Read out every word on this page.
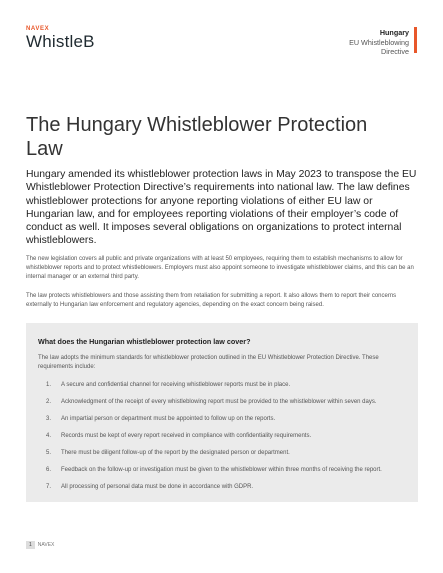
NAVEX
WhistleB	Hungary
EU Whistleblowing
Directive
The Hungary Whistleblower Protection Law

Hungary amended its whistleblower protection laws in May 2023 to transpose the EU Whistleblower Protection Directive’s requirements into national law. The law defines whistleblower protections for anyone reporting violations of either EU law or Hungarian law, and for employees reporting violations of their employer’s code of conduct as well. It imposes several obligations on organizations to protect internal whistleblowers.

The new legislation covers all public and private organizations with at least 50 employees, requiring them to establish mechanisms to allow for whistleblower reports and to protect whistleblowers. Employers must also appoint someone to investigate whistleblower claims, and this can be an internal manager or an external third party.

The law protects whistleblowers and those assisting them from retaliation for submitting a report. It also allows them to report their concerns externally to Hungarian law enforcement and regulatory agencies, depending on the exact concern being raised.

What does the Hungarian whistleblower protection law cover?
The law adopts the minimum standards for whistleblower protection outlined in the EU Whistleblower Protection Directive. These requirements include:
1. A secure and confidential channel for receiving whistleblower reports must be in place.
2. Acknowledgment of the receipt of every whistleblowing report must be provided to the whistleblower within seven days.
3. An impartial person or department must be appointed to follow up on the reports.
4. Records must be kept of every report received in compliance with confidentiality requirements.
5. There must be diligent follow-up of the report by the designated person or department.
6. Feedback on the follow-up or investigation must be given to the whistleblower within three months of receiving the report.
7. All processing of personal data must be done in accordance with GDPR.
1 NAVEX
